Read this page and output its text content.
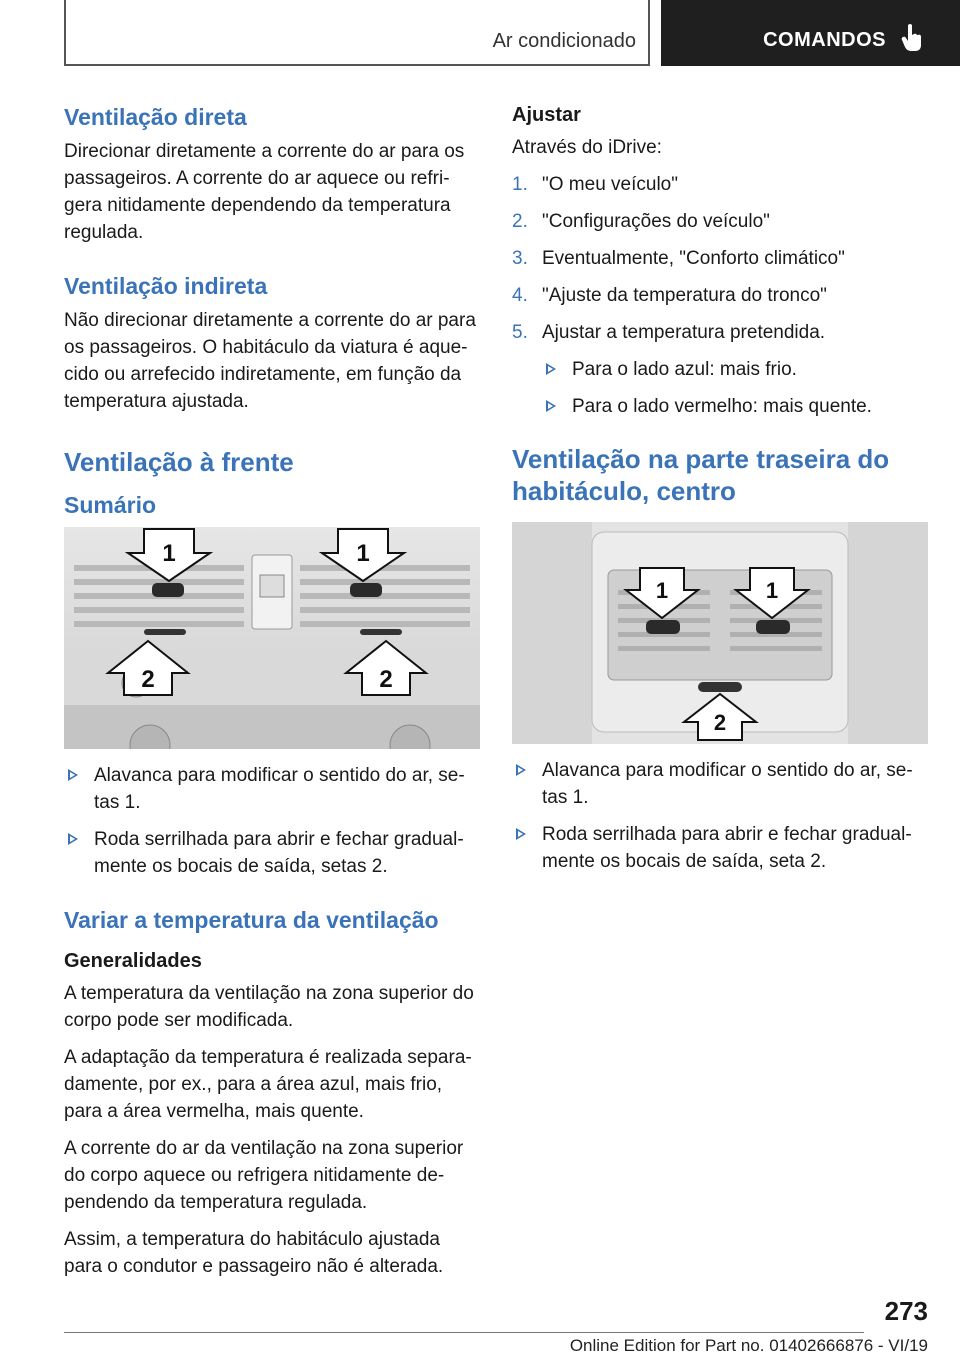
Ar condicionado	COMANDOS
Ventilação direta

Direcionar diretamente a corrente do ar para os passageiros. A corrente do ar aquece ou refrigera nitidamente dependendo da temperatura regulada.

Ventilação indireta

Não direcionar diretamente a corrente do ar para os passageiros. O habitáculo da viatura é aquecido ou arrefecido indiretamente, em função da temperatura ajustada.

Ventilação à frente
Sumário
1	1
2	2
Alavanca para modificar o sentido do ar, setas 1.
Roda serrilhada para abrir e fechar gradualmente os bocais de saída, setas 2.
Variar a temperatura da ventilação
Generalidades

A temperatura da ventilação na zona superior do corpo pode ser modificada.

A adaptação da temperatura é realizada separadamente, por ex., para a área azul, mais frio, para a área vermelha, mais quente.

A corrente do ar da ventilação na zona superior do corpo aquece ou refrigera nitidamente dependendo da temperatura regulada.

Assim, a temperatura do habitáculo ajustada para o condutor e passageiro não é alterada.

Ajustar

Através do iDrive:

1. "O meu veículo"
2. "Configurações do veículo"
3. Eventualmente, "Conforto climático"
4. "Ajuste da temperatura do tronco"
5. Ajustar a temperatura pretendida.
Para o lado azul: mais frio.
Para o lado vermelho: mais quente.
Ventilação na parte traseira do habitáculo, centro
1	1
2
Alavanca para modificar o sentido do ar, setas 1.
Roda serrilhada para abrir e fechar gradualmente os bocais de saída, seta 2.
273
Online Edition for Part no. 01402666876 - VI/19
